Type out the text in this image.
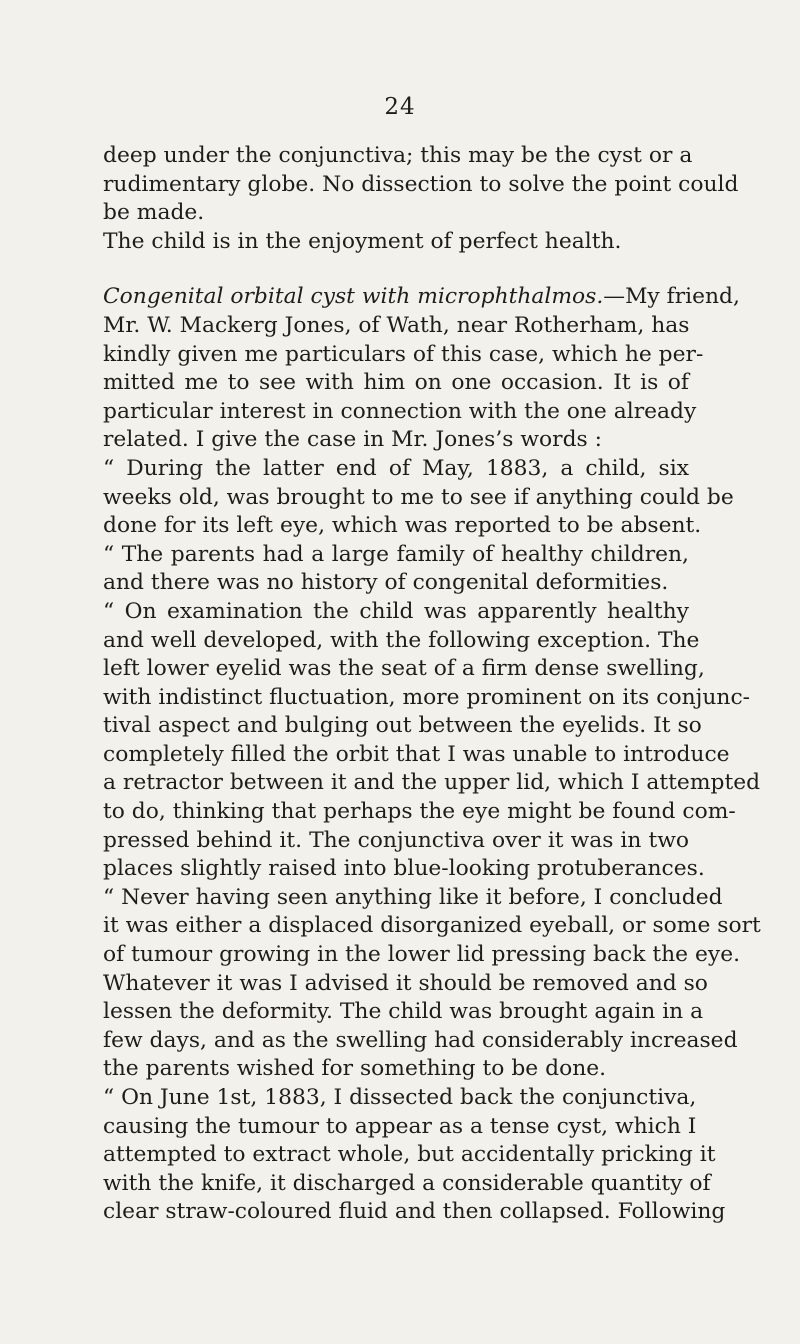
24
deep under the conjunctiva; this may be the cyst or a
rudimentary globe. No dissection to solve the point could
be made.
The child is in the enjoyment of perfect health.
Congenital orbital cyst with microphthalmos.—My friend,
Mr. W. Mackerg Jones, of Wath, near Rotherham, has
kindly given me particulars of this case, which he per-
mitted me to see with him on one occasion. It is of
particular interest in connection with the one already
related. I give the case in Mr. Jones’s words :
“ During the latter end of May, 1883, a child, six
weeks old, was brought to me to see if anything could be
done for its left eye, which was reported to be absent.
“ The parents had a large family of healthy children,
and there was no history of congenital deformities.
“ On examination the child was apparently healthy
and well developed, with the following exception. The
left lower eyelid was the seat of a firm dense swelling,
with indistinct fluctuation, more prominent on its conjunc-
tival aspect and bulging out between the eyelids. It so
completely filled the orbit that I was unable to introduce
a retractor between it and the upper lid, which I attempted
to do, thinking that perhaps the eye might be found com-
pressed behind it. The conjunctiva over it was in two
places slightly raised into blue-looking protuberances.
“ Never having seen anything like it before, I concluded
it was either a displaced disorganized eyeball, or some sort
of tumour growing in the lower lid pressing back the eye.
Whatever it was I advised it should be removed and so
lessen the deformity. The child was brought again in a
few days, and as the swelling had considerably increased
the parents wished for something to be done.
“ On June 1st, 1883, I dissected back the conjunctiva,
causing the tumour to appear as a tense cyst, which I
attempted to extract whole, but accidentally pricking it
with the knife, it discharged a considerable quantity of
clear straw-coloured fluid and then collapsed. Following
